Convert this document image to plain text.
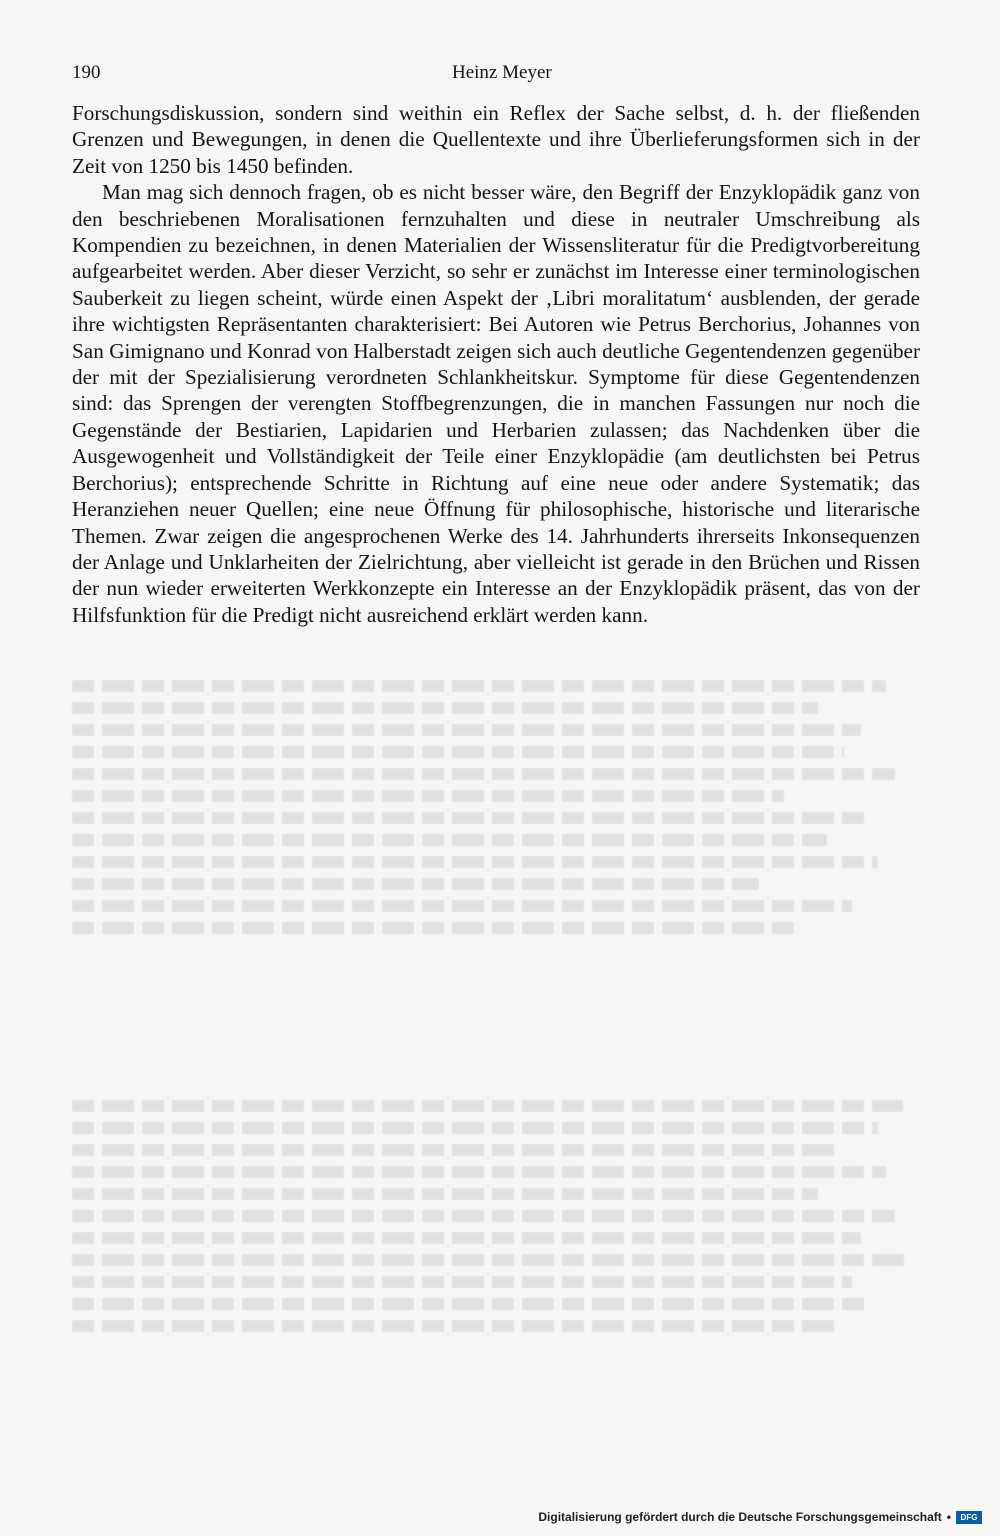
190	Heinz Meyer

Forschungsdiskussion, sondern sind weithin ein Reflex der Sache selbst, d. h. der fließenden Grenzen und Bewegungen, in denen die Quellentexte und ihre Überlieferungsformen sich in der Zeit von 1250 bis 1450 befinden.

Man mag sich dennoch fragen, ob es nicht besser wäre, den Begriff der Enzyklopädik ganz von den beschriebenen Moralisationen fernzuhalten und diese in neutraler Umschreibung als Kompendien zu bezeichnen, in denen Materialien der Wissensliteratur für die Predigtvorbereitung aufgearbeitet werden. Aber dieser Verzicht, so sehr er zunächst im Interesse einer terminologischen Sauberkeit zu liegen scheint, würde einen Aspekt der ‚Libri moralitatum‘ ausblenden, der gerade ihre wichtigsten Repräsentanten charakterisiert: Bei Autoren wie Petrus Berchorius, Johannes von San Gimignano und Konrad von Halberstadt zeigen sich auch deutliche Gegentendenzen gegenüber der mit der Spezialisierung verordneten Schlankheitskur. Symptome für diese Gegentendenzen sind: das Sprengen der verengten Stoffbegrenzungen, die in manchen Fassungen nur noch die Gegenstände der Bestiarien, Lapidarien und Herbarien zulassen; das Nachdenken über die Ausgewogenheit und Vollständigkeit der Teile einer Enzyklopädie (am deutlichsten bei Petrus Berchorius); entsprechende Schritte in Richtung auf eine neue oder andere Systematik; das Heranziehen neuer Quellen; eine neue Öffnung für philosophische, historische und literarische Themen. Zwar zeigen die angesprochenen Werke des 14. Jahrhunderts ihrerseits Inkonsequenzen der Anlage und Unklarheiten der Zielrichtung, aber vielleicht ist gerade in den Brüchen und Rissen der nun wieder erweiterten Werkkonzepte ein Interesse an der Enzyklopädik präsent, das von der Hilfsfunktion für die Predigt nicht ausreichend erklärt werden kann.

Digitalisierung gefördert durch die Deutsche Forschungsgemeinschaft •	DFG
